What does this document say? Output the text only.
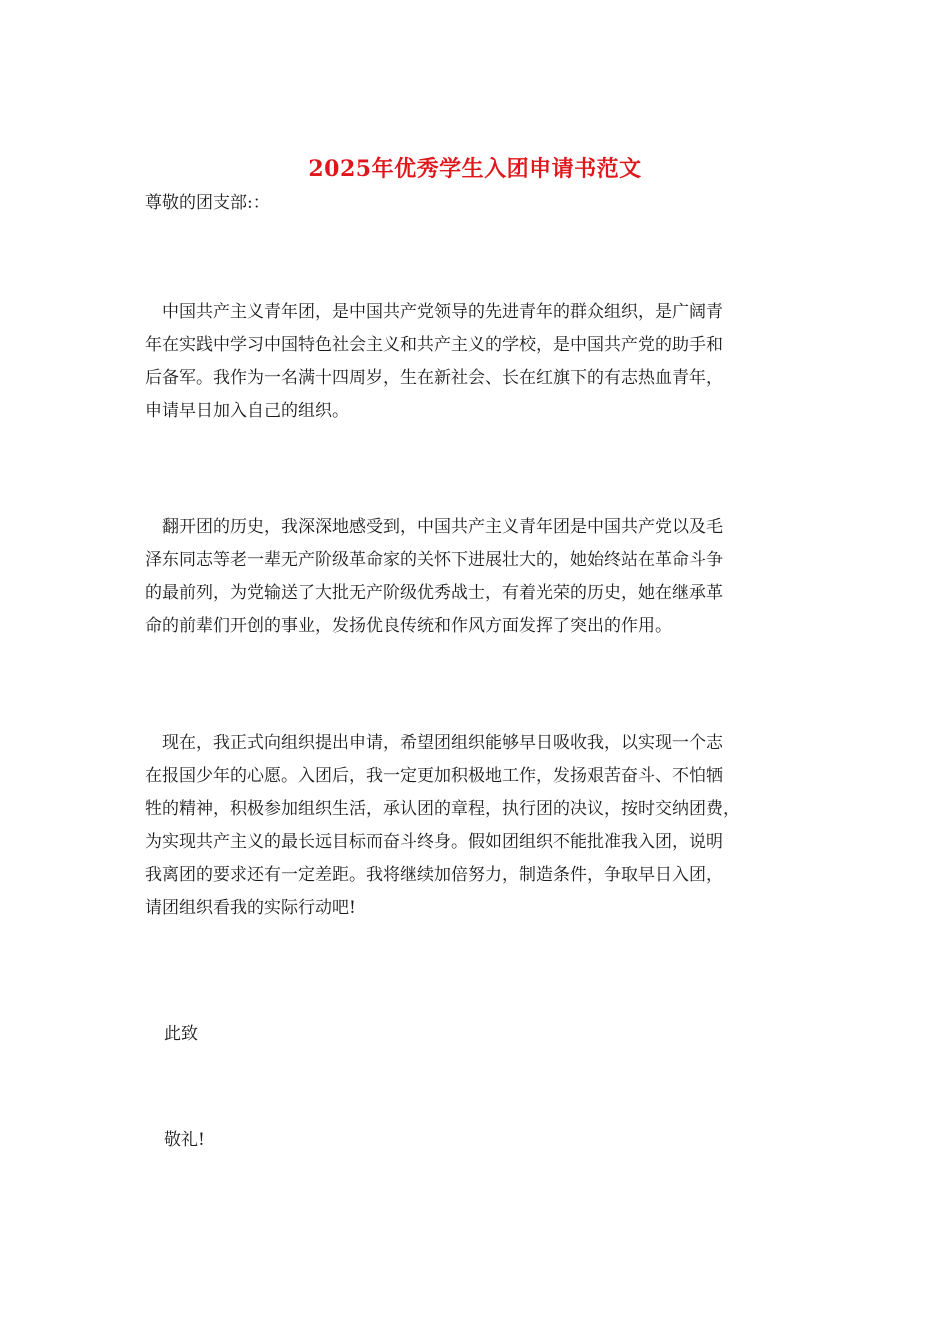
2025年优秀学生入团申请书范文
尊敬的团支部:：
　中国共产主义青年团，是中国共产党领导的先进青年的群众组织，是广阔青
年在实践中学习中国特色社会主义和共产主义的学校，是中国共产党的助手和
后备军。我作为一名满十四周岁，生在新社会、长在红旗下的有志热血青年，
申请早日加入自己的组织。
　翻开团的历史，我深深地感受到，中国共产主义青年团是中国共产党以及毛
泽东同志等老一辈无产阶级革命家的关怀下进展壮大的，她始终站在革命斗争
的最前列，为党输送了大批无产阶级优秀战士，有着光荣的历史，她在继承革
命的前辈们开创的事业，发扬优良传统和作风方面发挥了突出的作用。
　现在，我正式向组织提出申请，希望团组织能够早日吸收我，以实现一个志
在报国少年的心愿。入团后，我一定更加积极地工作，发扬艰苦奋斗、不怕牺
牲的精神，积极参加组织生活，承认团的章程，执行团的决议，按时交纳团费，
为实现共产主义的最长远目标而奋斗终身。假如团组织不能批准我入团，说明
我离团的要求还有一定差距。我将继续加倍努力，制造条件，争取早日入团，
请团组织看我的实际行动吧!
此致
敬礼!
